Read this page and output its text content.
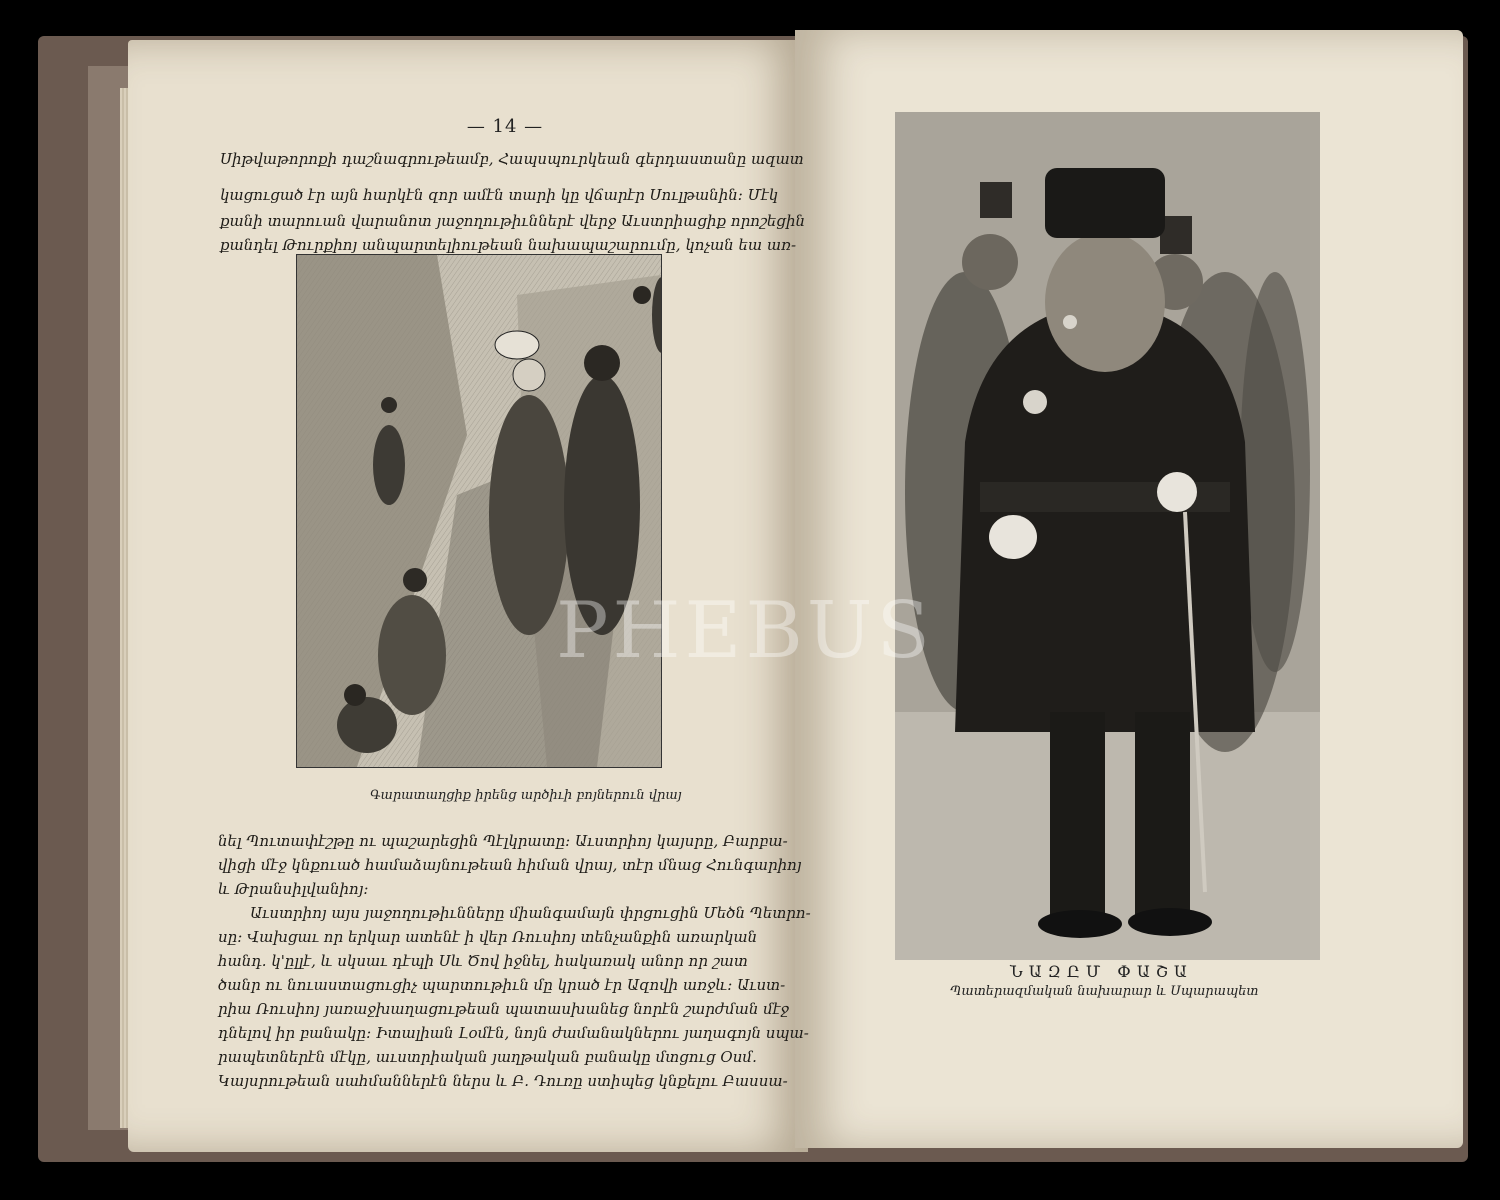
— 14 —
Սիթվաթորոքի դաշնագրութեամբ, Հապսպուրկեան գերդաստանը ազատ
կացուցած էր այն հարկէն զոր ամէն տարի կը վճարէր Սուլթանին։ Մէկ
քանի տարուան վարանոտ յաջողութիւններէ վերջ Աւստրիացիք որոշեցին
քանդել Թուրքիոյ անպարտելիութեան նախապաշարումը, կոչան եա առ-
Գարատաղցիք իրենց արծիւի բոյներուն վրայ
նել Պուտափէշթը ու պաշարեցին Պէլկրատը։ Աւստրիոյ կայսրը, Բարբա-
վիցի մէջ կնքուած համաձայնութեան հիման վրայ, տէր մնաց Հունգարիոյ
և Թրանսիլվանիոյ։
Աւստրիոյ այս յաջողութիւնները միանգամայն փրցուցին Մեծն Պետրո-
սը։ Վախցաւ որ երկար ատենէ ի վեր Ռուսիոյ տենչանքին առարկան
հանդ. կ'ըլլէ, և սկսաւ դէպի Սև Ծով իջնել, հակառակ անոր որ շատ
ծանր ու նուաստացուցիչ պարտութիւն մը կրած էր Ազովի առջև։ Աւստ-
րիա Ռուսիոյ յառաջխաղացութեան պատասխանեց նորէն շարժման մէջ
դնելով իր բանակը։ Իտալիան Լօմէն, նոյն ժամանակներու յաղագոյն սպա-
րապետներէն մէկը, աւստրիական յաղթական բանակը մտցուց Օսմ.
Կայսրութեան սահմաններէն ներս և Բ. Դուռը ստիպեց կնքելու Բասսա-
ՆԱԶԸՄ ՓԱՇԱ
Պատերազմական նախարար և Սպարապետ
PHEBUS
